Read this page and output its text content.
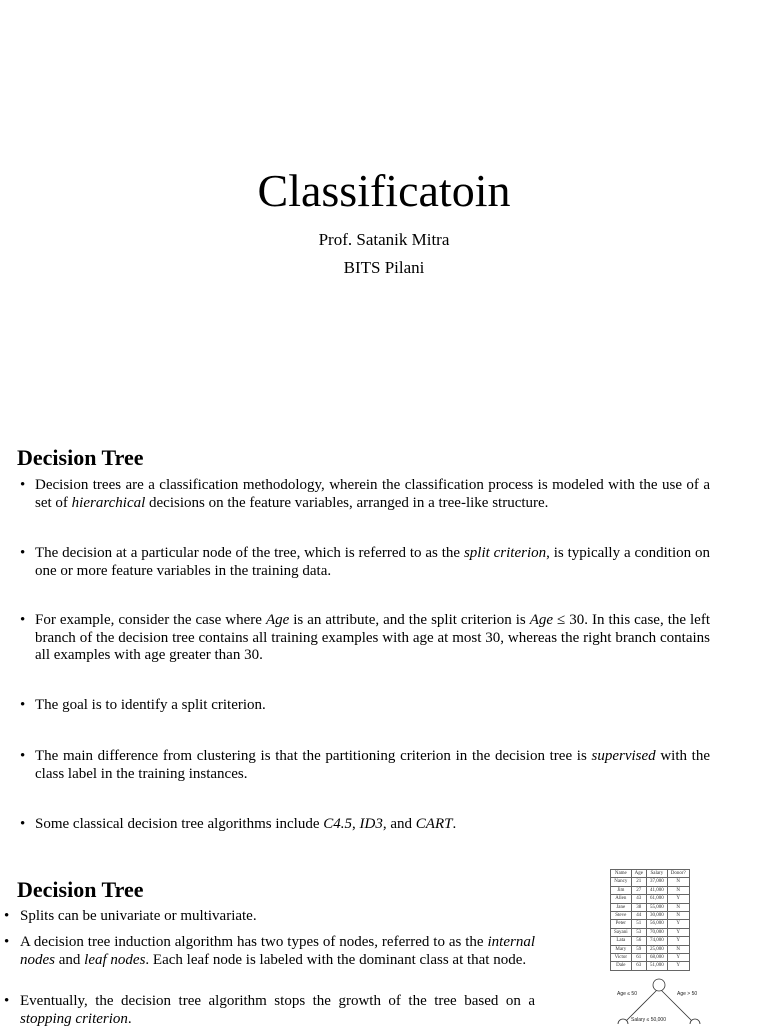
Classificatoin
Prof. Satanik Mitra
BITS Pilani
Decision Tree
• Decision trees are a classification methodology, wherein the classification process is modeled with the use of a set of hierarchical decisions on the feature variables, arranged in a tree-like structure.
• The decision at a particular node of the tree, which is referred to as the split criterion, is typically a condition on one or more feature variables in the training data.
• For example, consider the case where Age is an attribute, and the split criterion is Age ≤ 30. In this case, the left branch of the decision tree contains all training examples with age at most 30, whereas the right branch contains all examples with age greater than 30.
• The goal is to identify a split criterion.
• The main difference from clustering is that the partitioning criterion in the decision tree is supervised with the class label in the training instances.
• Some classical decision tree algorithms include C4.5, ID3, and CART.
Decision Tree
• Splits can be univariate or multivariate.
• A decision tree induction algorithm has two types of nodes, referred to as the internal nodes and leaf nodes. Each leaf node is labeled with the dominant class at that node.
• Eventually, the decision tree algorithm stops the growth of the tree based on a stopping criterion.
Name	Age	Salary	Donor?
Nancy	21	37,000	N
Jim	27	41,000	N
Allen	43	61,000	Y
Jane	38	55,000	N
Steve	44	30,000	N
Peter	51	56,000	Y
Sayani	53	70,000	Y
Lata	56	74,000	Y
Mary	59	25,000	N
Victor	61	68,000	Y
Dale	63	51,000	Y
Age ≤ 50	Age > 50
Salary ≤ 50,000
